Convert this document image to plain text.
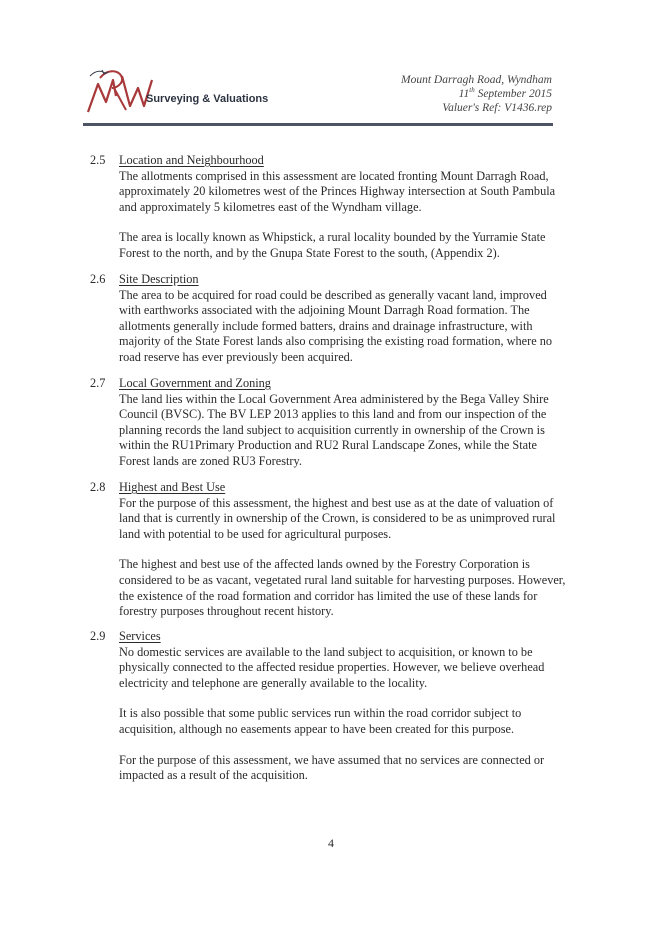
Surveying & Valuations
Mount Darragh Road, Wyndham
11th September 2015
Valuer's Ref: V1436.rep
2.5	Location and Neighbourhood

The allotments comprised in this assessment are located fronting Mount Darragh Road, approximately 20 kilometres west of the Princes Highway intersection at South Pambula and approximately 5 kilometres east of the Wyndham village.

The area is locally known as Whipstick, a rural locality bounded by the Yurramie State Forest to the north, and by the Gnupa State Forest to the south, (Appendix 2).

2.6	Site Description

The area to be acquired for road could be described as generally vacant land, improved with earthworks associated with the adjoining Mount Darragh Road formation. The allotments generally include formed batters, drains and drainage infrastructure, with majority of the State Forest lands also comprising the existing road formation, where no road reserve has ever previously been acquired.

2.7	Local Government and Zoning

The land lies within the Local Government Area administered by the Bega Valley Shire Council (BVSC). The BV LEP 2013 applies to this land and from our inspection of the planning records the land subject to acquisition currently in ownership of the Crown is within the RU1Primary Production and RU2 Rural Landscape Zones, while the State Forest lands are zoned RU3 Forestry.

2.8	Highest and Best Use

For the purpose of this assessment, the highest and best use as at the date of valuation of land that is currently in ownership of the Crown, is considered to be as unimproved rural land with potential to be used for agricultural purposes.

The highest and best use of the affected lands owned by the Forestry Corporation is considered to be as vacant, vegetated rural land suitable for harvesting purposes. However, the existence of the road formation and corridor has limited the use of these lands for forestry purposes throughout recent history.

2.9	Services

No domestic services are available to the land subject to acquisition, or known to be physically connected to the affected residue properties. However, we believe overhead electricity and telephone are generally available to the locality.

It is also possible that some public services run within the road corridor subject to acquisition, although no easements appear to have been created for this purpose.

For the purpose of this assessment, we have assumed that no services are connected or impacted as a result of the acquisition.

4
